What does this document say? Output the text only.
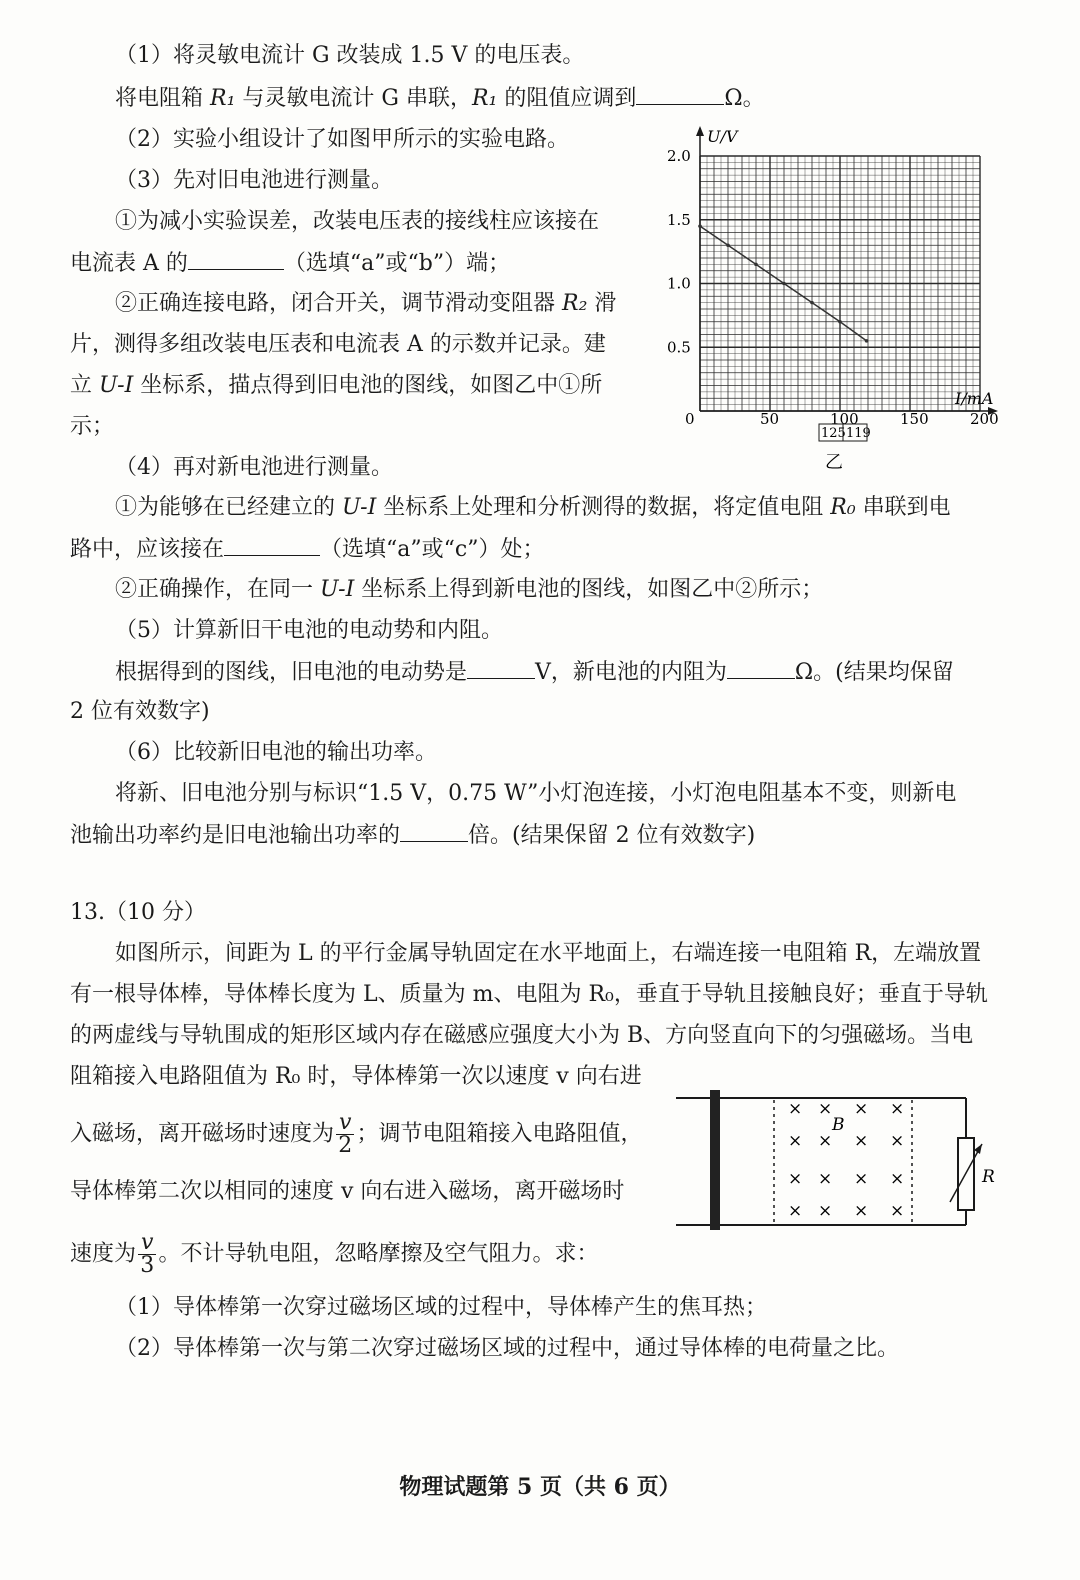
（1）将灵敏电流计 G 改装成 1.5 V 的电压表。
将电阻箱 R₁ 与灵敏电流计 G 串联，R₁ 的阻值应调到	Ω。
（2）实验小组设计了如图甲所示的实验电路。
（3）先对旧电池进行测量。
①为减小实验误差，改装电压表的接线柱应该接在
电流表 A 的	（选填“a”或“b”）端；
②正确连接电路，闭合开关，调节滑动变阻器 R₂ 滑
片，测得多组改装电压表和电流表 A 的示数并记录。建
立 U-I 坐标系，描点得到旧电池的图线，如图乙中①所
示；
U/V
I/mA
0	50	100	150	200
0.5
1.0
1.5
2.0
125 119
乙
（4）再对新电池进行测量。
①为能够在已经建立的 U-I 坐标系上处理和分析测得的数据，将定值电阻 R₀ 串联到电
路中，应该接在	（选填“a”或“c”）处；
②正确操作，在同一 U-I 坐标系上得到新电池的图线，如图乙中②所示；
（5）计算新旧干电池的电动势和内阻。
根据得到的图线，旧电池的电动势是	V，新电池的内阻为	Ω。(结果均保留
2 位有效数字)
（6）比较新旧电池的输出功率。
将新、旧电池分别与标识“1.5 V，0.75 W”小灯泡连接，小灯泡电阻基本不变，则新电
池输出功率约是旧电池输出功率的	倍。(结果保留 2 位有效数字)
13.（10 分）
如图所示，间距为 L 的平行金属导轨固定在水平地面上，右端连接一电阻箱 R，左端放置
有一根导体棒，导体棒长度为 L、质量为 m、电阻为 R₀，垂直于导轨且接触良好；垂直于导轨
的两虚线与导轨围成的矩形区域内存在磁感应强度大小为 B、方向竖直向下的匀强磁场。当电
阻箱接入电路阻值为 R₀ 时，导体棒第一次以速度 v 向右进
入磁场，离开磁场时速度为 $\frac{v}{2}$ ；调节电阻箱接入电路阻值，
导体棒第二次以相同的速度 v 向右进入磁场，离开磁场时
速度为 $\frac{v}{3}$ 。不计导轨电阻，忽略摩擦及空气阻力。求：
× × × ×
× × × ×
× × × ×
× × × ×
B
R
（1）导体棒第一次穿过磁场区域的过程中，导体棒产生的焦耳热；
（2）导体棒第一次与第二次穿过磁场区域的过程中，通过导体棒的电荷量之比。
物理试题第 5 页（共 6 页）
